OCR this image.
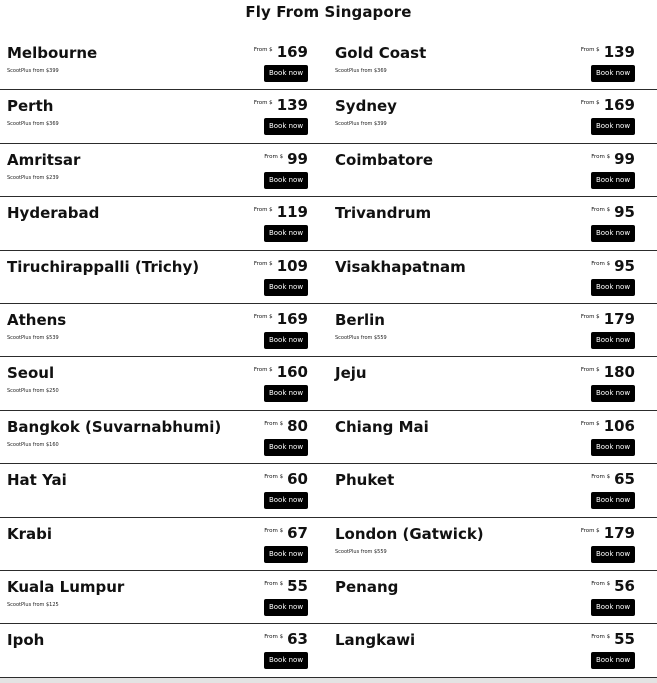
Fly From Singapore
Melbourne
ScootPlus from $399
From $ 169
Book now
Gold Coast
ScootPlus from $369
From $ 139
Book now
Perth
ScootPlus from $369
From $ 139
Book now
Sydney
ScootPlus from $399
From $ 169
Book now
Amritsar
ScootPlus from $239
From $ 99
Book now
Coimbatore	From $ 99
Book now
Hyderabad	From $ 119
Book now
Trivandrum	From $ 95
Book now
Tiruchirappalli (Trichy)	From $ 109
Book now
Visakhapatnam	From $ 95
Book now
Athens
ScootPlus from $539
From $ 169
Book now
Berlin
ScootPlus from $559
From $ 179
Book now
Seoul
ScootPlus from $250
From $ 160
Book now
Jeju	From $ 180
Book now
Bangkok (Suvarnabhumi)
ScootPlus from $160
From $ 80
Book now
Chiang Mai	From $ 106
Book now
Hat Yai	From $ 60
Book now
Phuket	From $ 65
Book now
Krabi	From $ 67
Book now
London (Gatwick)
ScootPlus from $559
From $ 179
Book now
Kuala Lumpur
ScootPlus from $125
From $ 55
Book now
Penang	From $ 56
Book now
Ipoh	From $ 63
Book now
Langkawi	From $ 55
Book now
